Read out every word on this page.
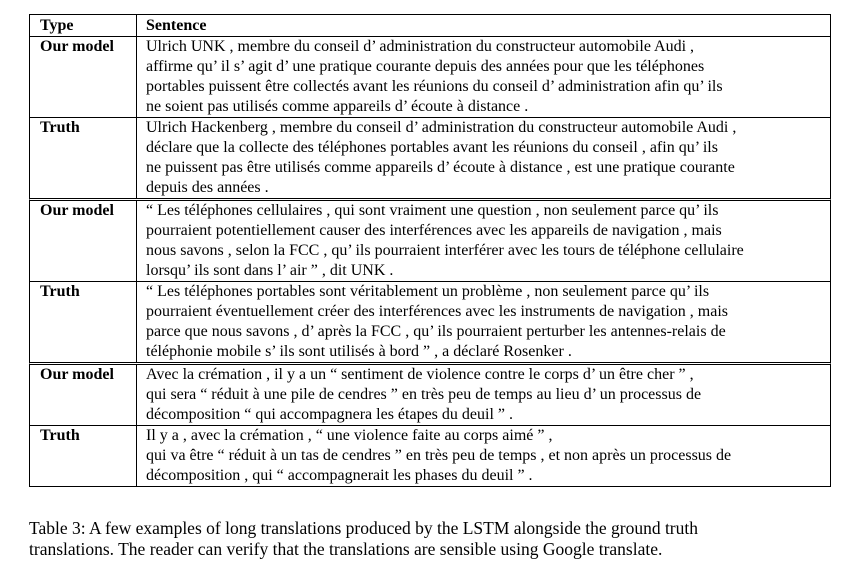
Type	Sentence
Our model	Ulrich UNK , membre du conseil d’ administration du constructeur automobile Audi ,
affirme qu’ il s’ agit d’ une pratique courante depuis des années pour que les téléphones
portables puissent être collectés avant les réunions du conseil d’ administration afin qu’ ils
ne soient pas utilisés comme appareils d’ écoute à distance .
Truth	Ulrich Hackenberg , membre du conseil d’ administration du constructeur automobile Audi ,
déclare que la collecte des téléphones portables avant les réunions du conseil , afin qu’ ils
ne puissent pas être utilisés comme appareils d’ écoute à distance , est une pratique courante
depuis des années .
Our model	“ Les téléphones cellulaires , qui sont vraiment une question , non seulement parce qu’ ils
pourraient potentiellement causer des interférences avec les appareils de navigation , mais
nous savons , selon la FCC , qu’ ils pourraient interférer avec les tours de téléphone cellulaire
lorsqu’ ils sont dans l’ air ” , dit UNK .
Truth	“ Les téléphones portables sont véritablement un problème , non seulement parce qu’ ils
pourraient éventuellement créer des interférences avec les instruments de navigation , mais
parce que nous savons , d’ après la FCC , qu’ ils pourraient perturber les antennes-relais de
téléphonie mobile s’ ils sont utilisés à bord ” , a déclaré Rosenker .
Our model	Avec la crémation , il y a un “ sentiment de violence contre le corps d’ un être cher ” ,
qui sera “ réduit à une pile de cendres ” en très peu de temps au lieu d’ un processus de
décomposition “ qui accompagnera les étapes du deuil ” .
Truth	Il y a , avec la crémation , “ une violence faite au corps aimé ” ,
qui va être “ réduit à un tas de cendres ” en très peu de temps , et non après un processus de
décomposition , qui “ accompagnerait les phases du deuil ” .
Table 3: A few examples of long translations produced by the LSTM alongside the ground truth
translations. The reader can verify that the translations are sensible using Google translate.
